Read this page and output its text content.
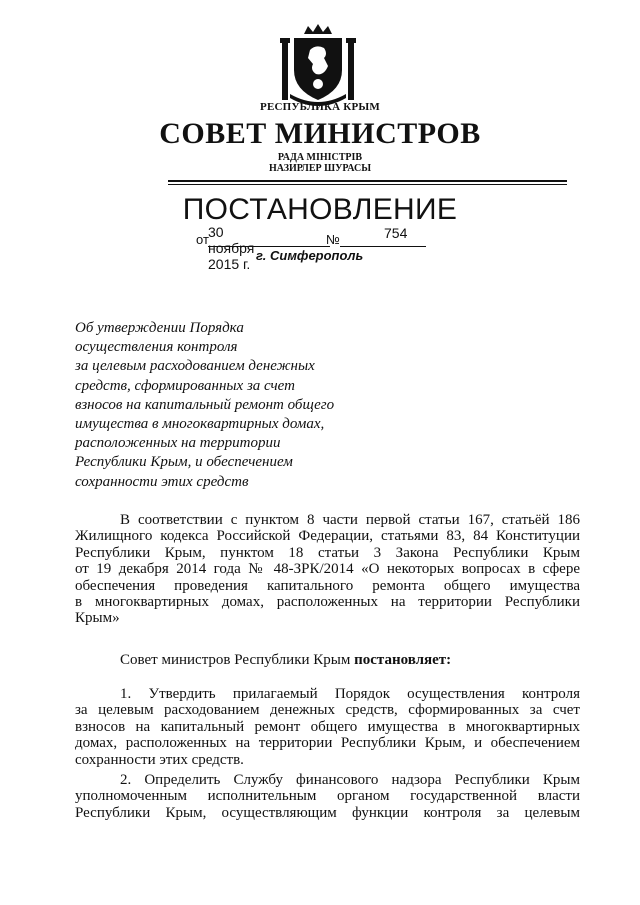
РЕСПУБЛИКА КРЫМ
СОВЕТ МИНИСТРОВ
РАДА МІНІСТРІВ
НАЗИРЛЕР ШУРАСЫ
ПОСТАНОВЛЕНИЕ
от 30 ноября 2015 г.
№	754
г. Симферополь
Об утверждении Порядка
осуществления контроля
за целевым расходованием денежных
средств, сформированных за счет
взносов на капитальный ремонт общего
имущества в многоквартирных домах,
расположенных на территории
Республики Крым, и обеспечением
сохранности этих средств
В соответствии с пунктом 8 части первой статьи 167, статьёй 186
Жилищного кодекса Российской Федерации, статьями 83, 84 Конституции
Республики Крым, пунктом 18 статьи 3 Закона Республики Крым
от 19 декабря 2014 года № 48-ЗРК/2014 «О некоторых вопросах в сфере
обеспечения проведения капитального ремонта общего имущества
в многоквартирных домах, расположенных на территории Республики
Крым»
Совет министров Республики Крым постановляет:
1. Утвердить прилагаемый Порядок осуществления контроля
за целевым расходованием денежных средств, сформированных за счет
взносов на капитальный ремонт общего имущества в многоквартирных
домах, расположенных на территории Республики Крым, и обеспечением
сохранности этих средств.
2. Определить Службу финансового надзора Республики Крым
уполномоченным исполнительным органом государственной власти
Республики Крым, осуществляющим функции контроля за целевым
